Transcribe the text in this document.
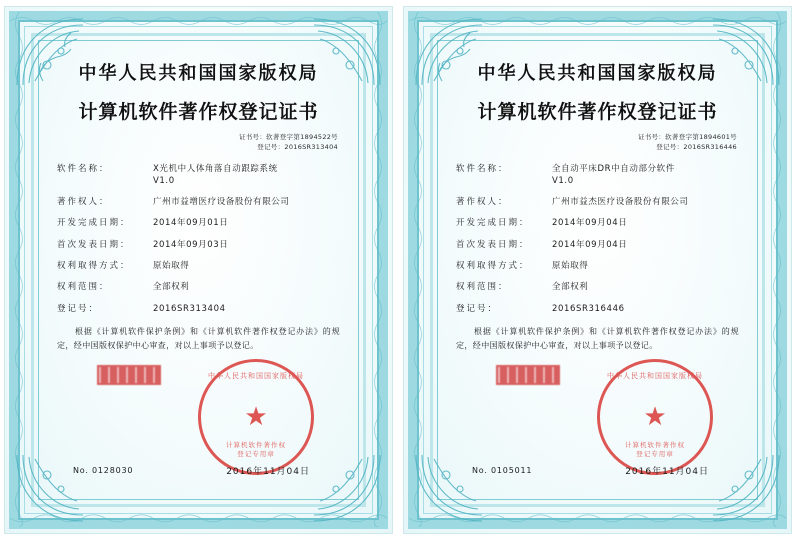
中华人民共和国国家版权局
计算机软件著作权登记证书
证书号：软著登字第1894522号
登记号：2016SR313404
软件名称：	X光机中人体角落自动跟踪系统
V1.0
著作权人：	广州市益增医疗设备股份有限公司
开发完成日期：	2014年09月01日
首次发表日期：	2014年09月03日
权利取得方式：	原始取得
权利范围：	全部权利
登记号：	2016SR313404
根据《计算机软件保护条例》和《计算机软件著作权登记办法》的规定，经中国版权保护中心审查，对以上事项予以登记。
中华人民共和国国家版权局
★
计算机软件著作权
登记专用章
2016年11月04日
No. 0128030
中华人民共和国国家版权局
计算机软件著作权登记证书
证书号：软著登字第1894601号
登记号：2016SR316446
软件名称：	全自动平床DR中自动部分软件
V1.0
著作权人：	广州市益杰医疗设备股份有限公司
开发完成日期：	2014年09月04日
首次发表日期：	2014年09月04日
权利取得方式：	原始取得
权利范围：	全部权利
登记号：	2016SR316446
根据《计算机软件保护条例》和《计算机软件著作权登记办法》的规定，经中国版权保护中心审查，对以上事项予以登记。
中华人民共和国国家版权局
★
计算机软件著作权
登记专用章
2016年11月04日
No. 0105011
